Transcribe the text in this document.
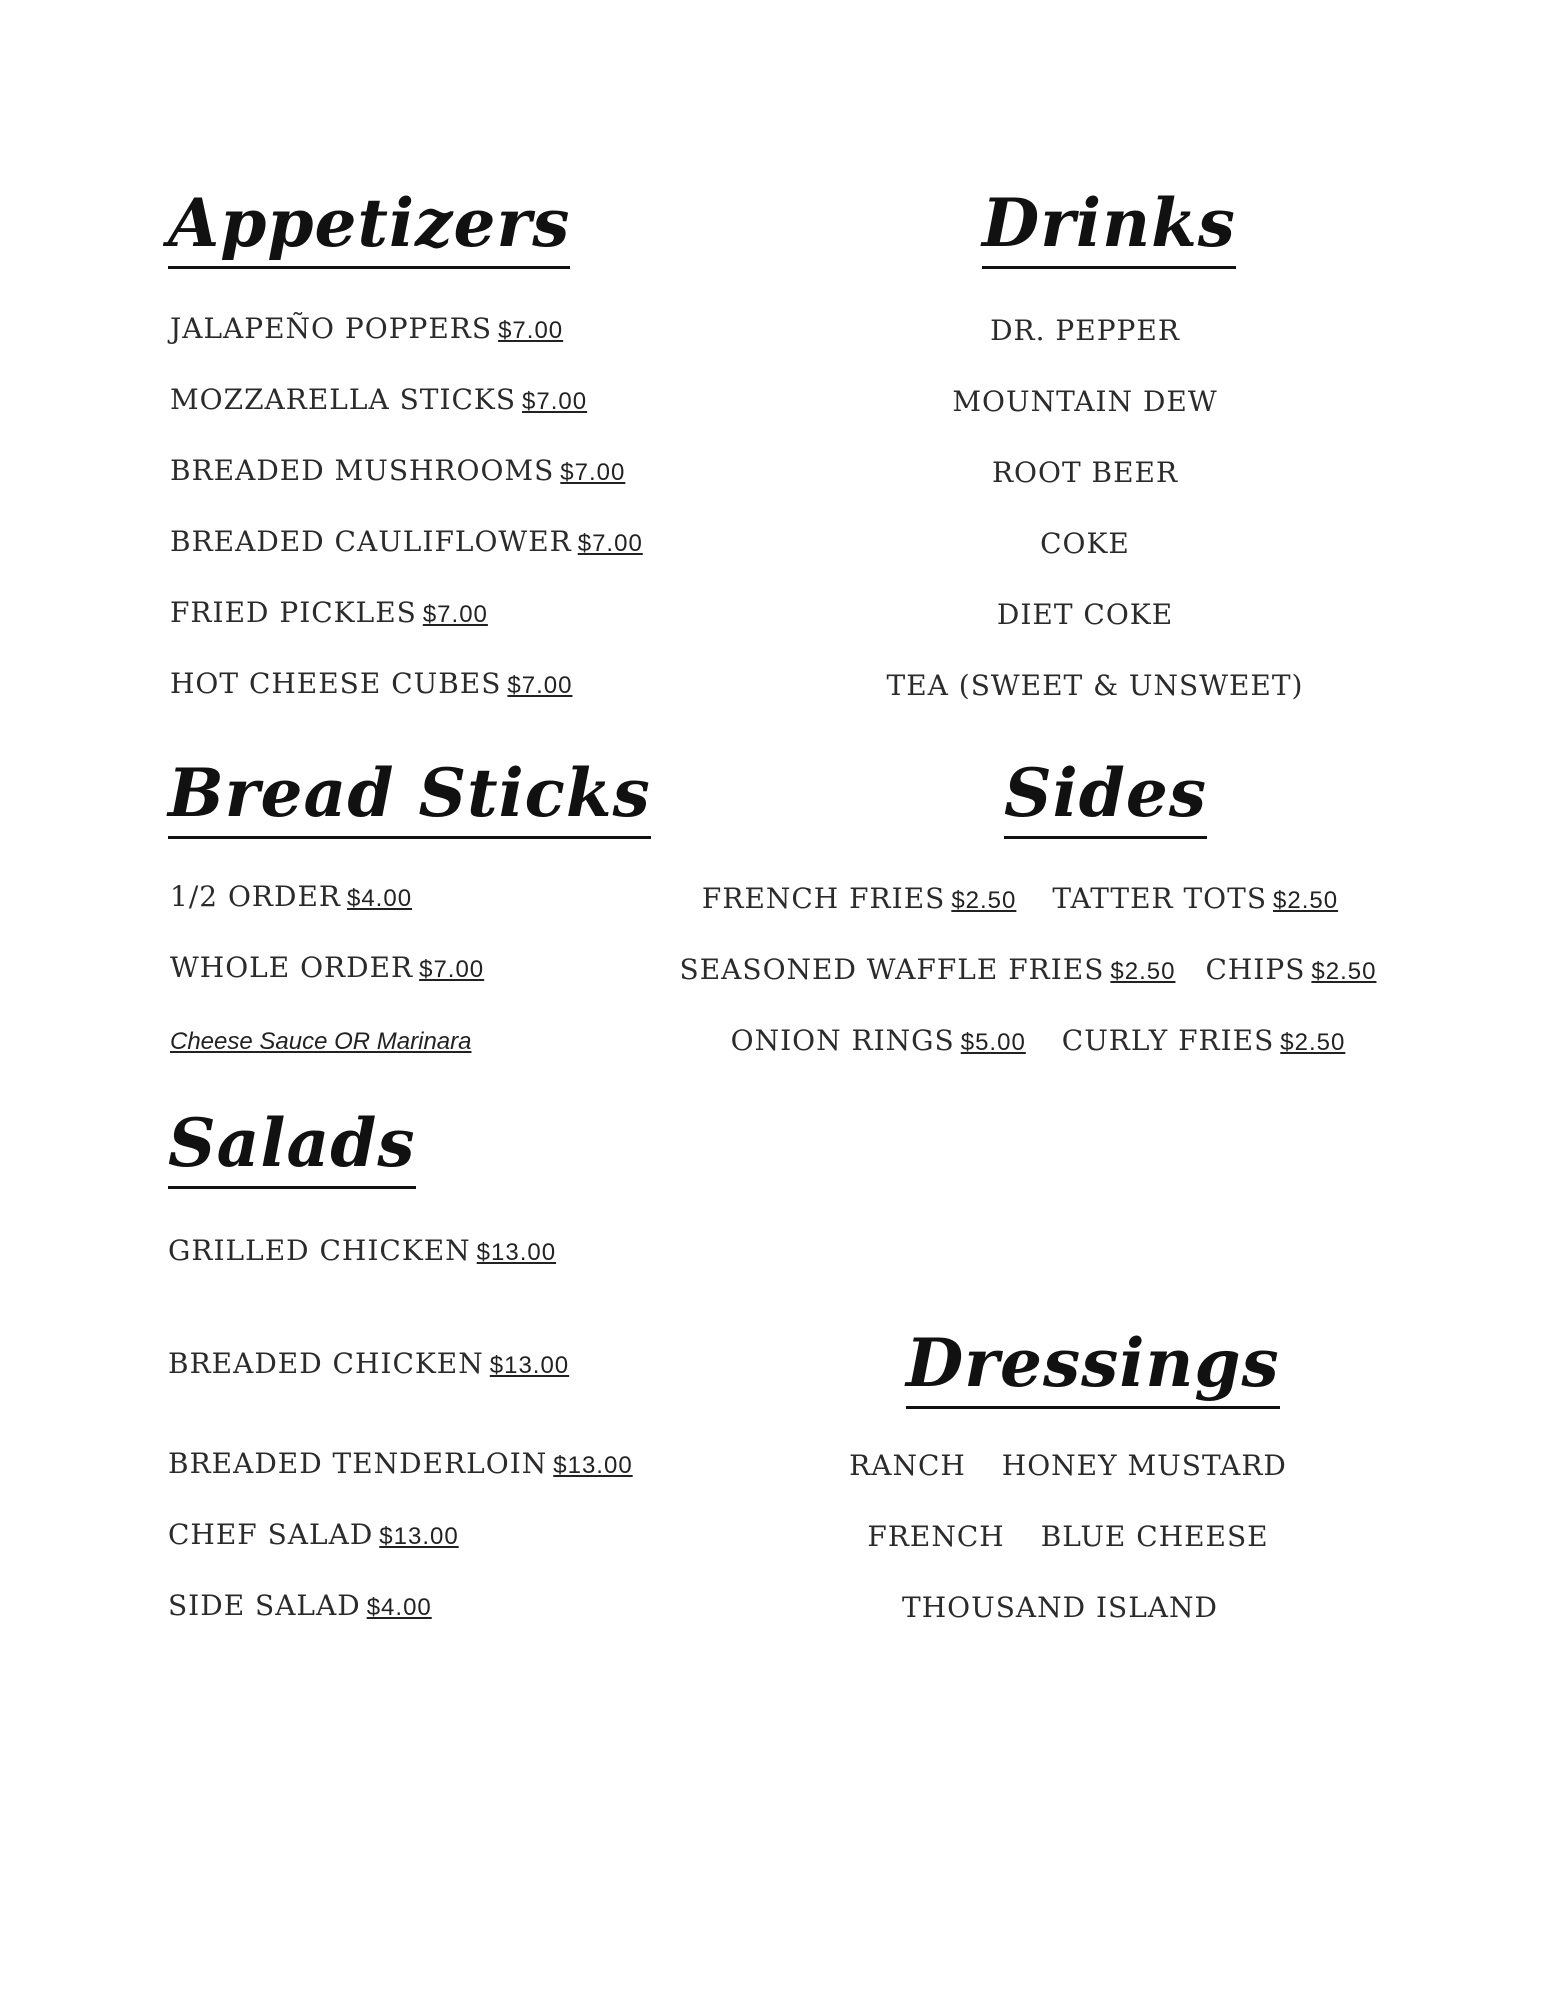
Appetizers
JALAPEÑO POPPERS $7.00
MOZZARELLA STICKS $7.00
BREADED MUSHROOMS $7.00
BREADED CAULIFLOWER $7.00
FRIED PICKLES $7.00
HOT CHEESE CUBES $7.00
Drinks
DR. PEPPER
MOUNTAIN DEW
ROOT BEER
COKE
DIET COKE
TEA (SWEET & UNSWEET)
Bread Sticks
1/2 ORDER $4.00
WHOLE ORDER $7.00
Cheese Sauce OR Marinara
Sides
FRENCH FRIES $2.50 TATTER TOTS $2.50
SEASONED WAFFLE FRIES $2.50 CHIPS $2.50
ONION RINGS $5.00 CURLY FRIES $2.50
Salads
GRILLED CHICKEN $13.00
BREADED CHICKEN $13.00
BREADED TENDERLOIN $13.00
CHEF SALAD $13.00
SIDE SALAD $4.00
Dressings
RANCH HONEY MUSTARD
FRENCH BLUE CHEESE
THOUSAND ISLAND
